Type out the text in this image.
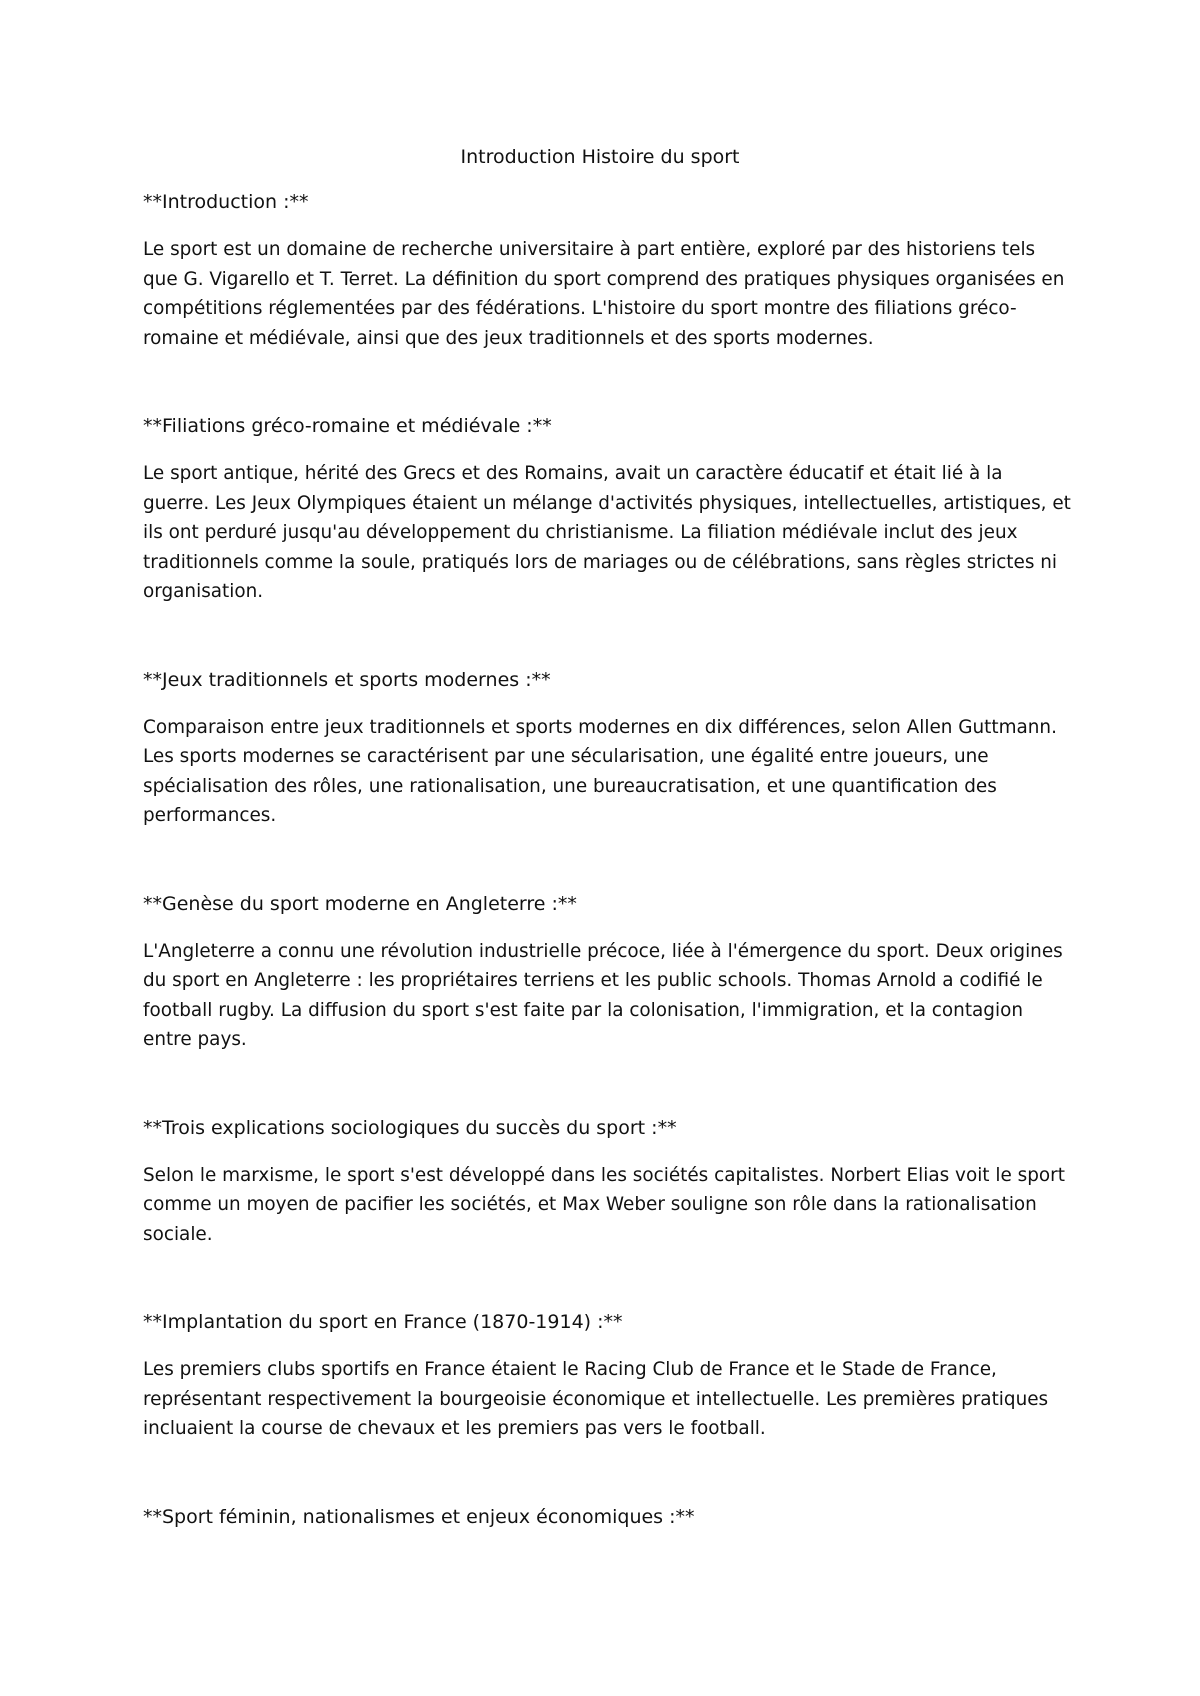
Introduction Histoire du sport

**Introduction :**

Le sport est un domaine de recherche universitaire à part entière, exploré par des historiens tels que G. Vigarello et T. Terret. La définition du sport comprend des pratiques physiques organisées en compétitions réglementées par des fédérations. L'histoire du sport montre des filiations gréco-romaine et médiévale, ainsi que des jeux traditionnels et des sports modernes.

**Filiations gréco-romaine et médiévale :**

Le sport antique, hérité des Grecs et des Romains, avait un caractère éducatif et était lié à la guerre. Les Jeux Olympiques étaient un mélange d'activités physiques, intellectuelles, artistiques, et ils ont perduré jusqu'au développement du christianisme. La filiation médiévale inclut des jeux traditionnels comme la soule, pratiqués lors de mariages ou de célébrations, sans règles strictes ni organisation.

**Jeux traditionnels et sports modernes :**

Comparaison entre jeux traditionnels et sports modernes en dix différences, selon Allen Guttmann. Les sports modernes se caractérisent par une sécularisation, une égalité entre joueurs, une spécialisation des rôles, une rationalisation, une bureaucratisation, et une quantification des performances.

**Genèse du sport moderne en Angleterre :**

L'Angleterre a connu une révolution industrielle précoce, liée à l'émergence du sport. Deux origines du sport en Angleterre : les propriétaires terriens et les public schools. Thomas Arnold a codifié le football rugby. La diffusion du sport s'est faite par la colonisation, l'immigration, et la contagion entre pays.

**Trois explications sociologiques du succès du sport :**

Selon le marxisme, le sport s'est développé dans les sociétés capitalistes. Norbert Elias voit le sport comme un moyen de pacifier les sociétés, et Max Weber souligne son rôle dans la rationalisation sociale.

**Implantation du sport en France (1870-1914) :**

Les premiers clubs sportifs en France étaient le Racing Club de France et le Stade de France, représentant respectivement la bourgeoisie économique et intellectuelle. Les premières pratiques incluaient la course de chevaux et les premiers pas vers le football.

**Sport féminin, nationalismes et enjeux économiques :**
